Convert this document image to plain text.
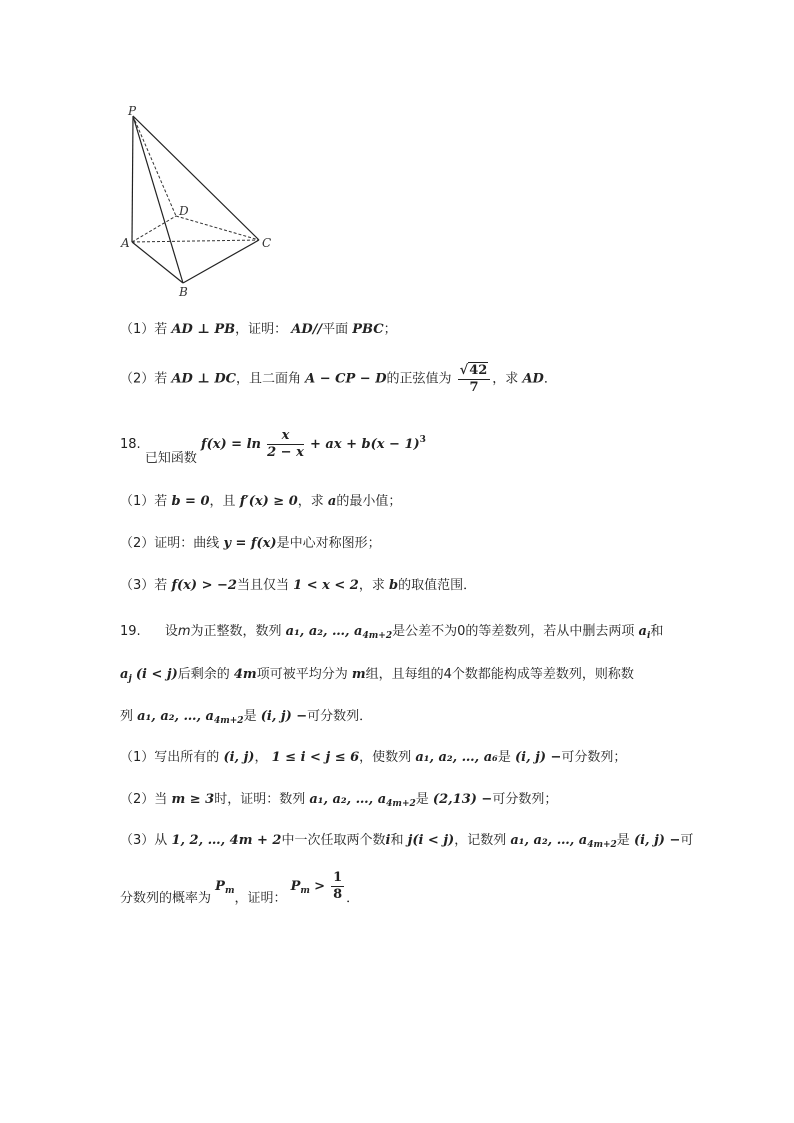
P
D
A	C
B
（1）若 AD ⊥ PB，证明： AD//平面 PBC；
（2）若 AD ⊥ DC，且二面角 A − CP − D的正弦值为 $\frac{√42}{7}$ ，求 AD．
18. 已知函数 $f(x) = \ln \frac{x}{2 - x}$ + ax + $b(x - 1)^3$
（1）若 b = 0，且 f′(x) ≥ 0，求 a的最小值；
（2）证明：曲线 y = f(x)是中心对称图形；
（3）若 f(x) > −2当且仅当 1 < x < 2，求 b的取值范围．
19. 设m为正整数，数列 a₁, a₂, …, $a_{4m+2}$是公差不为0的等差数列，若从中删去两项 $a_i$和
$a_j$ (i < j)后剩余的 4m项可被平均分为 m组，且每组的4个数都能构成等差数列，则称数
列 a₁, a₂, …, $a_{4m+2}$是 (i, j) −可分数列．
（1）写出所有的 (i, j)， 1 ≤ i < j ≤ 6，使数列 a₁, a₂, …, a₆是 (i, j) −可分数列；
（2）当 m ≥ 3时，证明：数列 a₁, a₂, …, $a_{4m+2}$是 (2,13) −可分数列；
（3）从 1, 2, …, 4m + 2中一次任取两个数i和 j(i < j)，记数列 a₁, a₂, …, $a_{4m+2}$是 (i, j) −可
分数列的概率为 $P_m$，证明： $P_m > \frac{1}{8}$ ．
